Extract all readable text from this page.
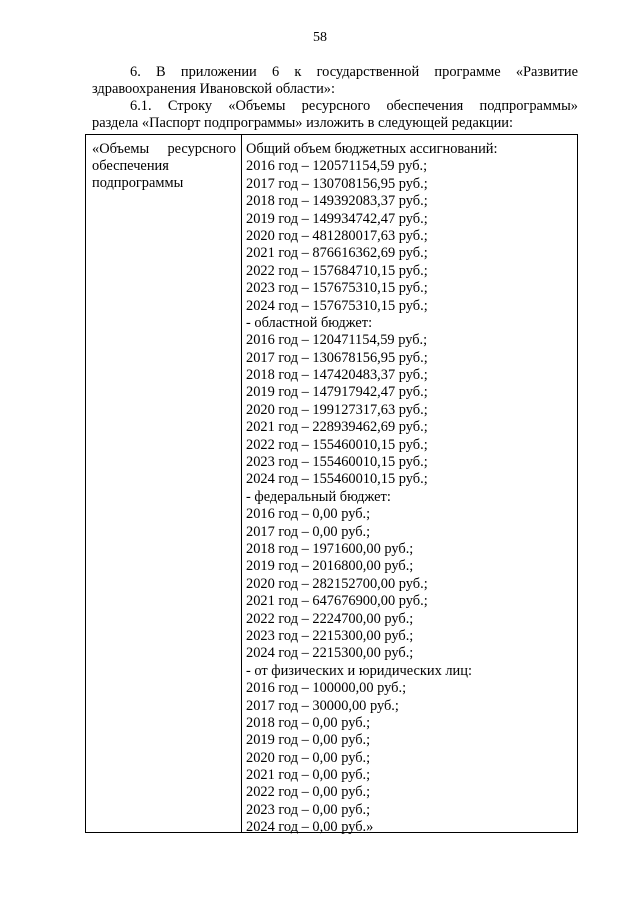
58
6. В приложении 6 к государственной программе «Развитие
здравоохранения Ивановской области»:
6.1. Строку «Объемы ресурсного обеспечения подпрограммы»
раздела «Паспорт подпрограммы» изложить в следующей редакции:
«Объемы ресурсного
обеспечения
подпрограммы
Общий объем бюджетных ассигнований:
2016 год – 120571154,59 руб.;
2017 год – 130708156,95 руб.;
2018 год – 149392083,37 руб.;
2019 год – 149934742,47 руб.;
2020 год – 481280017,63 руб.;
2021 год – 876616362,69 руб.;
2022 год – 157684710,15 руб.;
2023 год – 157675310,15 руб.;
2024 год – 157675310,15 руб.;
- областной бюджет:
2016 год – 120471154,59 руб.;
2017 год – 130678156,95 руб.;
2018 год – 147420483,37 руб.;
2019 год – 147917942,47 руб.;
2020 год – 199127317,63 руб.;
2021 год – 228939462,69 руб.;
2022 год – 155460010,15 руб.;
2023 год – 155460010,15 руб.;
2024 год – 155460010,15 руб.;
- федеральный бюджет:
2016 год – 0,00 руб.;
2017 год – 0,00 руб.;
2018 год – 1971600,00 руб.;
2019 год – 2016800,00 руб.;
2020 год – 282152700,00 руб.;
2021 год – 647676900,00 руб.;
2022 год – 2224700,00 руб.;
2023 год – 2215300,00 руб.;
2024 год – 2215300,00 руб.;
- от физических и юридических лиц:
2016 год – 100000,00 руб.;
2017 год – 30000,00 руб.;
2018 год – 0,00 руб.;
2019 год – 0,00 руб.;
2020 год – 0,00 руб.;
2021 год – 0,00 руб.;
2022 год – 0,00 руб.;
2023 год – 0,00 руб.;
2024 год – 0,00 руб.»
